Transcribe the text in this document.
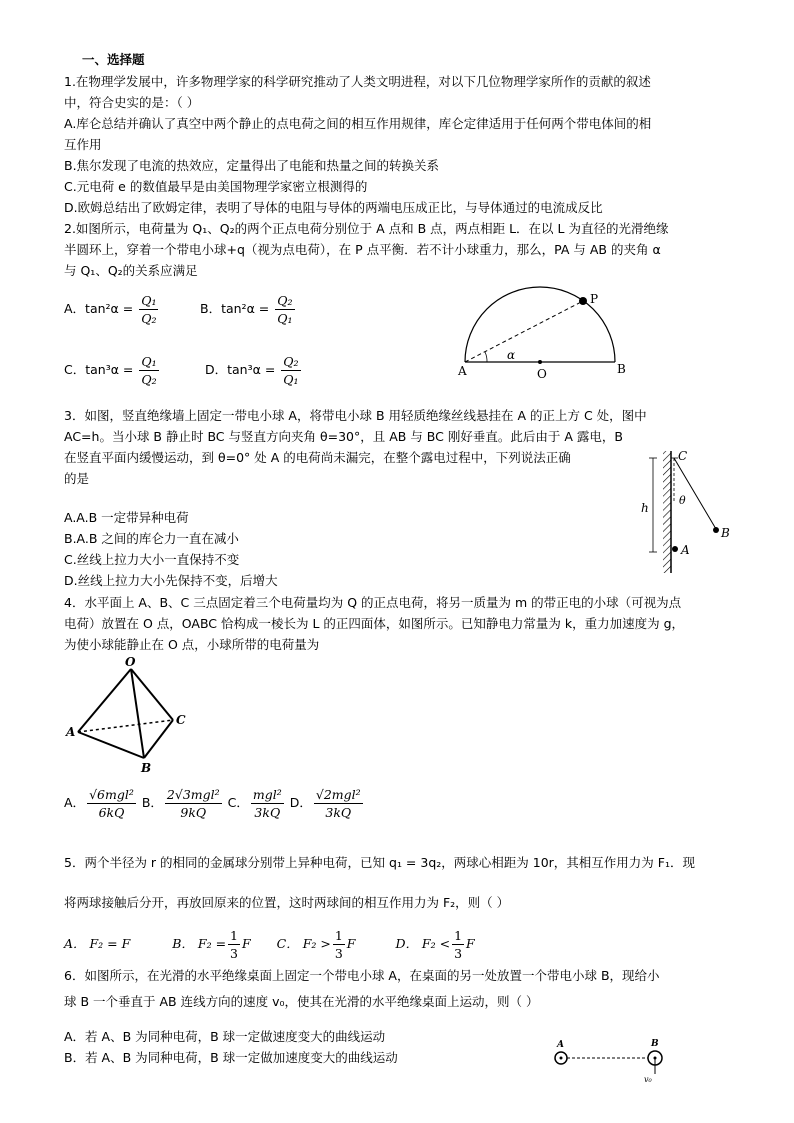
一、选择题
1.在物理学发展中，许多物理学家的科学研究推动了人类文明进程，对以下几位物理学家所作的贡献的叙述
中，符合史实的是：（ ）
A.库仑总结并确认了真空中两个静止的点电荷之间的相互作用规律，库仑定律适用于任何两个带电体间的相
互作用
B.焦尔发现了电流的热效应，定量得出了电能和热量之间的转换关系
C.元电荷 e 的数值最早是由美国物理学家密立根测得的
D.欧姆总结出了欧姆定律，表明了导体的电阻与导体的两端电压成正比，与导体通过的电流成反比
2.如图所示，电荷量为 Q₁、Q₂的两个正点电荷分别位于 A 点和 B 点，两点相距 L．在以 L 为直径的光滑绝缘
半圆环上，穿着一个带电小球+q（视为点电荷），在 P 点平衡．若不计小球重力，那么，PA 与 AB 的夹角 α
与 Q₁、Q₂的关系应满足
A．$\tan^2\alpha = \frac{\text{Q₁}}{\text{Q₂}}$	B．$\tan^2\alpha = \frac{\text{Q₂}}{\text{Q₁}}$
C．$\tan^3\alpha = \frac{\text{Q₁}}{\text{Q₂}}$	D．$\tan^3\alpha = \frac{\text{Q₂}}{\text{Q₁}}$
P
A	O	B
α
3．如图，竖直绝缘墙上固定一带电小球 A，将带电小球 B 用轻质绝缘丝线悬挂在 A 的正上方 C 处，图中
AC=h。当小球 B 静止时 BC 与竖直方向夹角 θ=30°，且 AB 与 BC 刚好垂直。此后由于 A 露电，B
在竖直平面内缓慢运动，到 θ=0° 处 A 的电荷尚未漏完，在整个露电过程中，下列说法正确
的是
A.A.B 一定带异种电荷
B.A.B 之间的库仑力一直在减小
C.丝线上拉力大小一直保持不变
D.丝线上拉力大小先保持不变，后增大
C
h
θ
A
B
4．水平面上 A、B、C 三点固定着三个电荷量均为 Q 的正点电荷，将另一质量为 m 的带正电的小球（可视为点
电荷）放置在 O 点，OABC 恰构成一棱长为 L 的正四面体，如图所示。已知静电力常量为 k，重力加速度为 g，
为使小球能静止在 O 点，小球所带的电荷量为
O
A
B
C
A． $\frac{\text{√6mgl²}}{6kQ}$ B． $\frac{\text{2√3mgl²}}{9kQ}$ C． $\frac{\text{mgl²}}{3kQ}$ D． $\frac{\text{√2mgl²}}{3kQ}$
5．两个半径为 r 的相同的金属球分别带上异种电荷，已知 q₁ = 3q₂，两球心相距为 10r，其相互作用力为 F₁．现
将两球接触后分开，再放回原来的位置，这时两球间的相互作用力为 F₂，则（ ）
A． F₂ = F	B． $F_2 = \frac{1}{3}$ F C． $F_2 > \frac{1}{3}$ F	D． $F_2 < \frac{1}{3}$ F
6．如图所示，在光滑的水平绝缘桌面上固定一个带电小球 A，在桌面的另一处放置一个带电小球 B，现给小
球 B 一个垂直于 AB 连线方向的速度 v₀，使其在光滑的水平绝缘桌面上运动，则（ ）
A．若 A、B 为同种电荷，B 球一定做速度变大的曲线运动
B．若 A、B 为同种电荷，B 球一定做加速度变大的曲线运动
A	B
v₀
